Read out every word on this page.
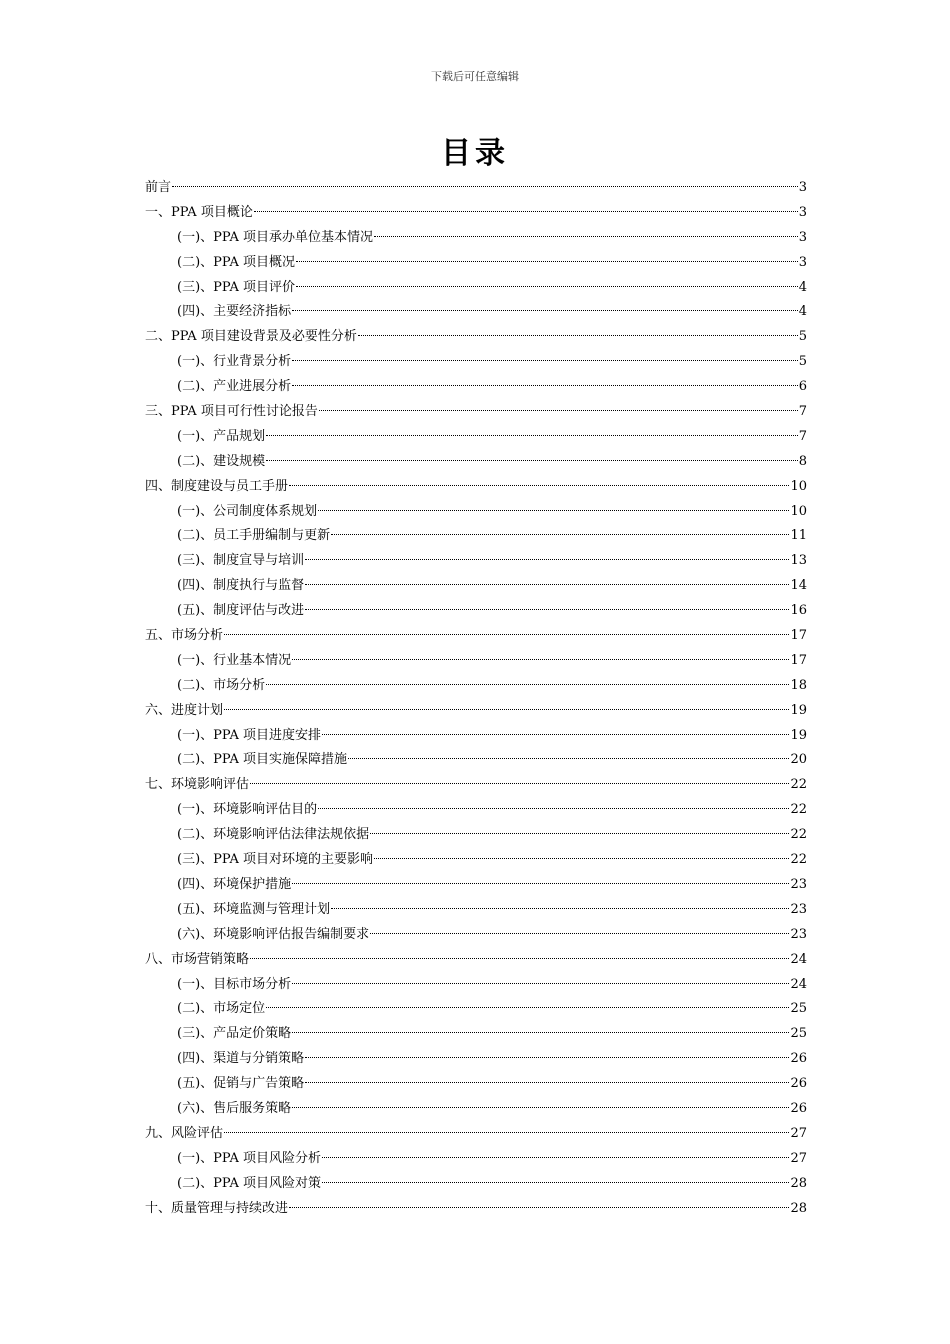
下载后可任意编辑
目录
前言	3
一、PPA 项目概论	3
(一)、PPA 项目承办单位基本情况	3
(二)、PPA 项目概况	3
(三)、PPA 项目评价	4
(四)、主要经济指标	4
二、PPA 项目建设背景及必要性分析	5
(一)、行业背景分析	5
(二)、产业进展分析	6
三、PPA 项目可行性讨论报告	7
(一)、产品规划	7
(二)、建设规模	8
四、制度建设与员工手册	10
(一)、公司制度体系规划	10
(二)、员工手册编制与更新	11
(三)、制度宣导与培训	13
(四)、制度执行与监督	14
(五)、制度评估与改进	16
五、市场分析	17
(一)、行业基本情况	17
(二)、市场分析	18
六、进度计划	19
(一)、PPA 项目进度安排	19
(二)、PPA 项目实施保障措施	20
七、环境影响评估	22
(一)、环境影响评估目的	22
(二)、环境影响评估法律法规依据	22
(三)、PPA 项目对环境的主要影响	22
(四)、环境保护措施	23
(五)、环境监测与管理计划	23
(六)、环境影响评估报告编制要求	23
八、市场营销策略	24
(一)、目标市场分析	24
(二)、市场定位	25
(三)、产品定价策略	25
(四)、渠道与分销策略	26
(五)、促销与广告策略	26
(六)、售后服务策略	26
九、风险评估	27
(一)、PPA 项目风险分析	27
(二)、PPA 项目风险对策	28
十、质量管理与持续改进	28
